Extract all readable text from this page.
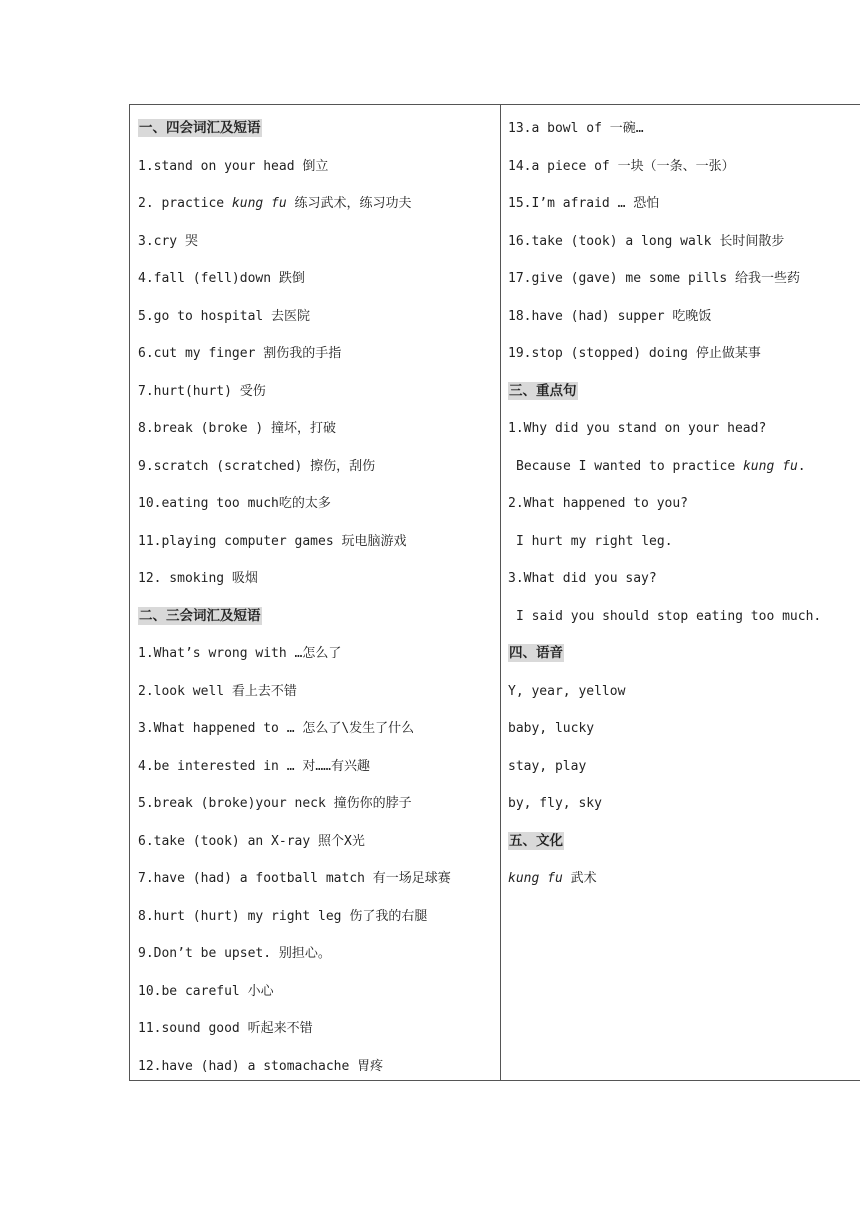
一、四会词汇及短语
1.stand on your head 倒立
2. practice kung fu 练习武术，练习功夫
3.cry 哭
4.fall (fell)down 跌倒
5.go to hospital 去医院
6.cut my finger 割伤我的手指
7.hurt(hurt) 受伤
8.break (broke ) 撞坏，打破
9.scratch (scratched) 擦伤，刮伤
10.eating too much吃的太多
11.playing computer games 玩电脑游戏
12. smoking 吸烟
二、三会词汇及短语
1.What’s wrong with …怎么了
2.look well 看上去不错
3.What happened to … 怎么了\发生了什么
4.be interested in … 对……有兴趣
5.break (broke)your neck 撞伤你的脖子
6.take (took) an X-ray 照个X光
7.have (had) a football match 有一场足球赛
8.hurt (hurt) my right leg 伤了我的右腿
9.Don’t be upset. 别担心。
10.be careful 小心
11.sound good 听起来不错
12.have (had) a stomachache 胃疼
13.a bowl of 一碗…
14.a piece of 一块（一条、一张）
15.I’m afraid … 恐怕
16.take (took) a long walk 长时间散步
17.give (gave) me some pills 给我一些药
18.have (had) supper 吃晚饭
19.stop (stopped) doing 停止做某事
三、重点句
1.Why did you stand on your head?
Because I wanted to practice kung fu.
2.What happened to you?
I hurt my right leg.
3.What did you say?
I said you should stop eating too much.
四、语音
Y, year, yellow
baby, lucky
stay, play
by, fly, sky
五、文化
kung fu 武术
